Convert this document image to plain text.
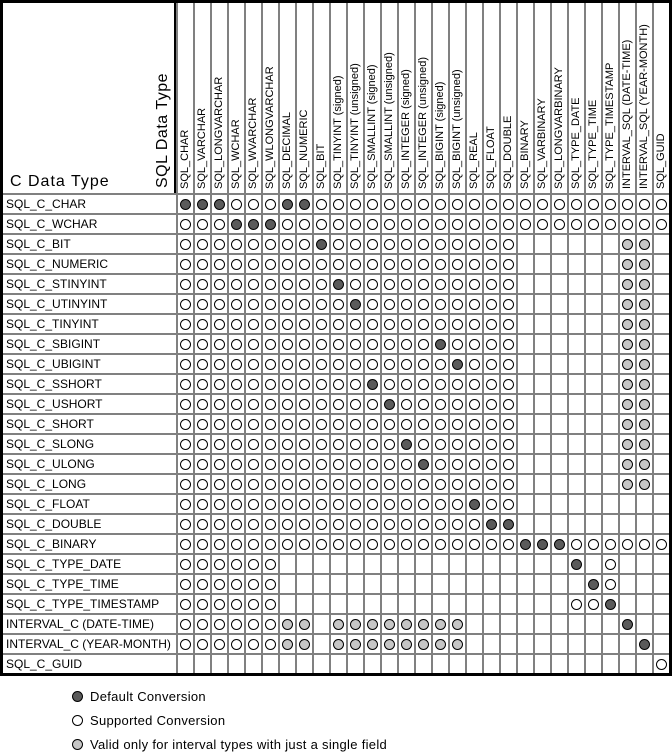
C Data Type	SQL Data Type SQL_CHAR SQL_VARCHAR SQL_LONGVARCHAR SQL_WCHAR SQL_WVARCHAR SQL_WLONGVARCHAR SQL_DECIMAL SQL_NUMERIC SQL_BIT SQL_TINYINT (signed) SQL_TINYINT (unsigned) SQL_SMALLINT (signed) SQL_SMALLINT (unsigned) SQL_INTEGER (signed) SQL_INTEGER (unsigned) SQL_BIGINT (signed) SQL_BIGINT (unsigned) SQL_REAL SQL_FLOAT SQL_DOUBLE SQL_BINARY SQL_VARBINARY SQL_LONGVARBINARY SQL_TYPE_DATE SQL_TYPE_TIME SQL_TYPE_TIMESTAMP INTERVAL_SQL (DATE-TIME) INTERVAL_SQL (YEAR-MONTH) SQL_GUID
SQL_C_CHAR
SQL_C_WCHAR
SQL_C_BIT
SQL_C_NUMERIC
SQL_C_STINYINT
SQL_C_UTINYINT
SQL_C_TINYINT
SQL_C_SBIGINT
SQL_C_UBIGINT
SQL_C_SSHORT
SQL_C_USHORT
SQL_C_SHORT
SQL_C_SLONG
SQL_C_ULONG
SQL_C_LONG
SQL_C_FLOAT
SQL_C_DOUBLE
SQL_C_BINARY
SQL_C_TYPE_DATE
SQL_C_TYPE_TIME
SQL_C_TYPE_TIMESTAMP
INTERVAL_C (DATE-TIME)
INTERVAL_C (YEAR-MONTH)
SQL_C_GUID
Default Conversion
Supported Conversion
Valid only for interval types with just a single field
